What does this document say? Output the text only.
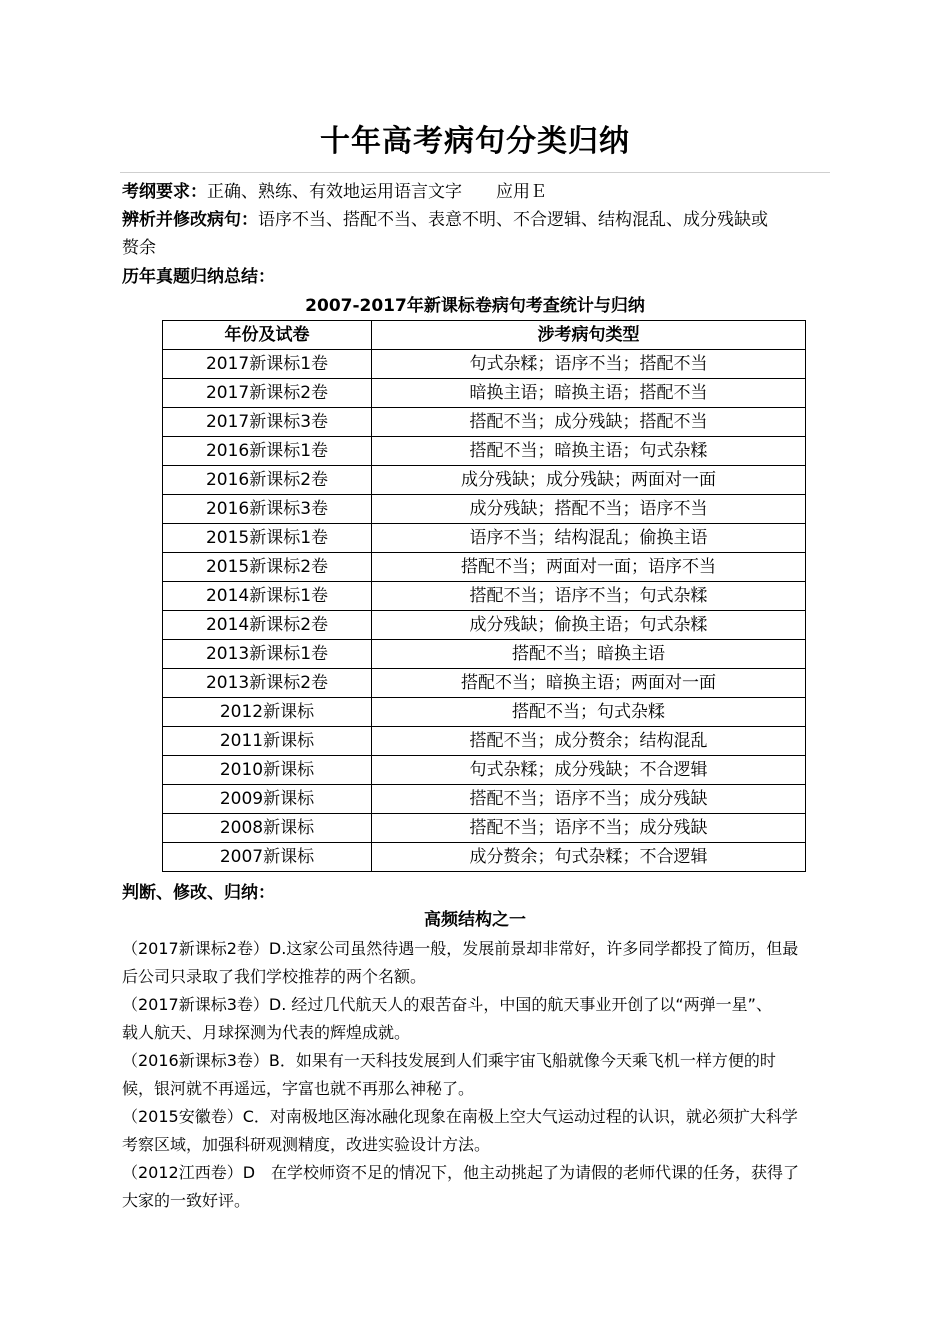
十年高考病句分类归纳
考纲要求：正确、熟练、有效地运用语言文字　　应用Ｅ
辨析并修改病句：语序不当、搭配不当、表意不明、不合逻辑、结构混乱、成分残缺或
赘余
历年真题归纳总结：
2007-2017年新课标卷病句考查统计与归纳
年份及试卷	涉考病句类型
2017新课标1卷	句式杂糅；语序不当；搭配不当
2017新课标2卷	暗换主语；暗换主语；搭配不当
2017新课标3卷	搭配不当；成分残缺；搭配不当
2016新课标1卷	搭配不当；暗换主语；句式杂糅
2016新课标2卷	成分残缺；成分残缺；两面对一面
2016新课标3卷	成分残缺；搭配不当；语序不当
2015新课标1卷	语序不当；结构混乱；偷换主语
2015新课标2卷	搭配不当；两面对一面；语序不当
2014新课标1卷	搭配不当；语序不当；句式杂糅
2014新课标2卷	成分残缺；偷换主语；句式杂糅
2013新课标1卷	搭配不当；暗换主语
2013新课标2卷	搭配不当；暗换主语；两面对一面
2012新课标	搭配不当；句式杂糅
2011新课标	搭配不当；成分赘余；结构混乱
2010新课标	句式杂糅；成分残缺；不合逻辑
2009新课标	搭配不当；语序不当；成分残缺
2008新课标	搭配不当；语序不当；成分残缺
2007新课标	成分赘余；句式杂糅；不合逻辑
判断、修改、归纳：
高频结构之一
（2017新课标2卷）D.这家公司虽然待遇一般，发展前景却非常好，许多同学都投了简历，但最
后公司只录取了我们学校推荐的两个名额。
（2017新课标3卷）D. 经过几代航天人的艰苦奋斗，中国的航天事业开创了以“两弹一星”、
载人航天、月球探测为代表的辉煌成就。
（2016新课标3卷）B．如果有一天科技发展到人们乘宇宙飞船就像今天乘飞机一样方便的时
候，银河就不再遥远，字富也就不再那么神秘了。
（2015安徽卷）C．对南极地区海冰融化现象在南极上空大气运动过程的认识，就必须扩大科学
考察区域，加强科研观测精度，改进实验设计方法。
（2012江西卷）D　在学校师资不足的情况下，他主动挑起了为请假的老师代课的任务，获得了
大家的一致好评。
